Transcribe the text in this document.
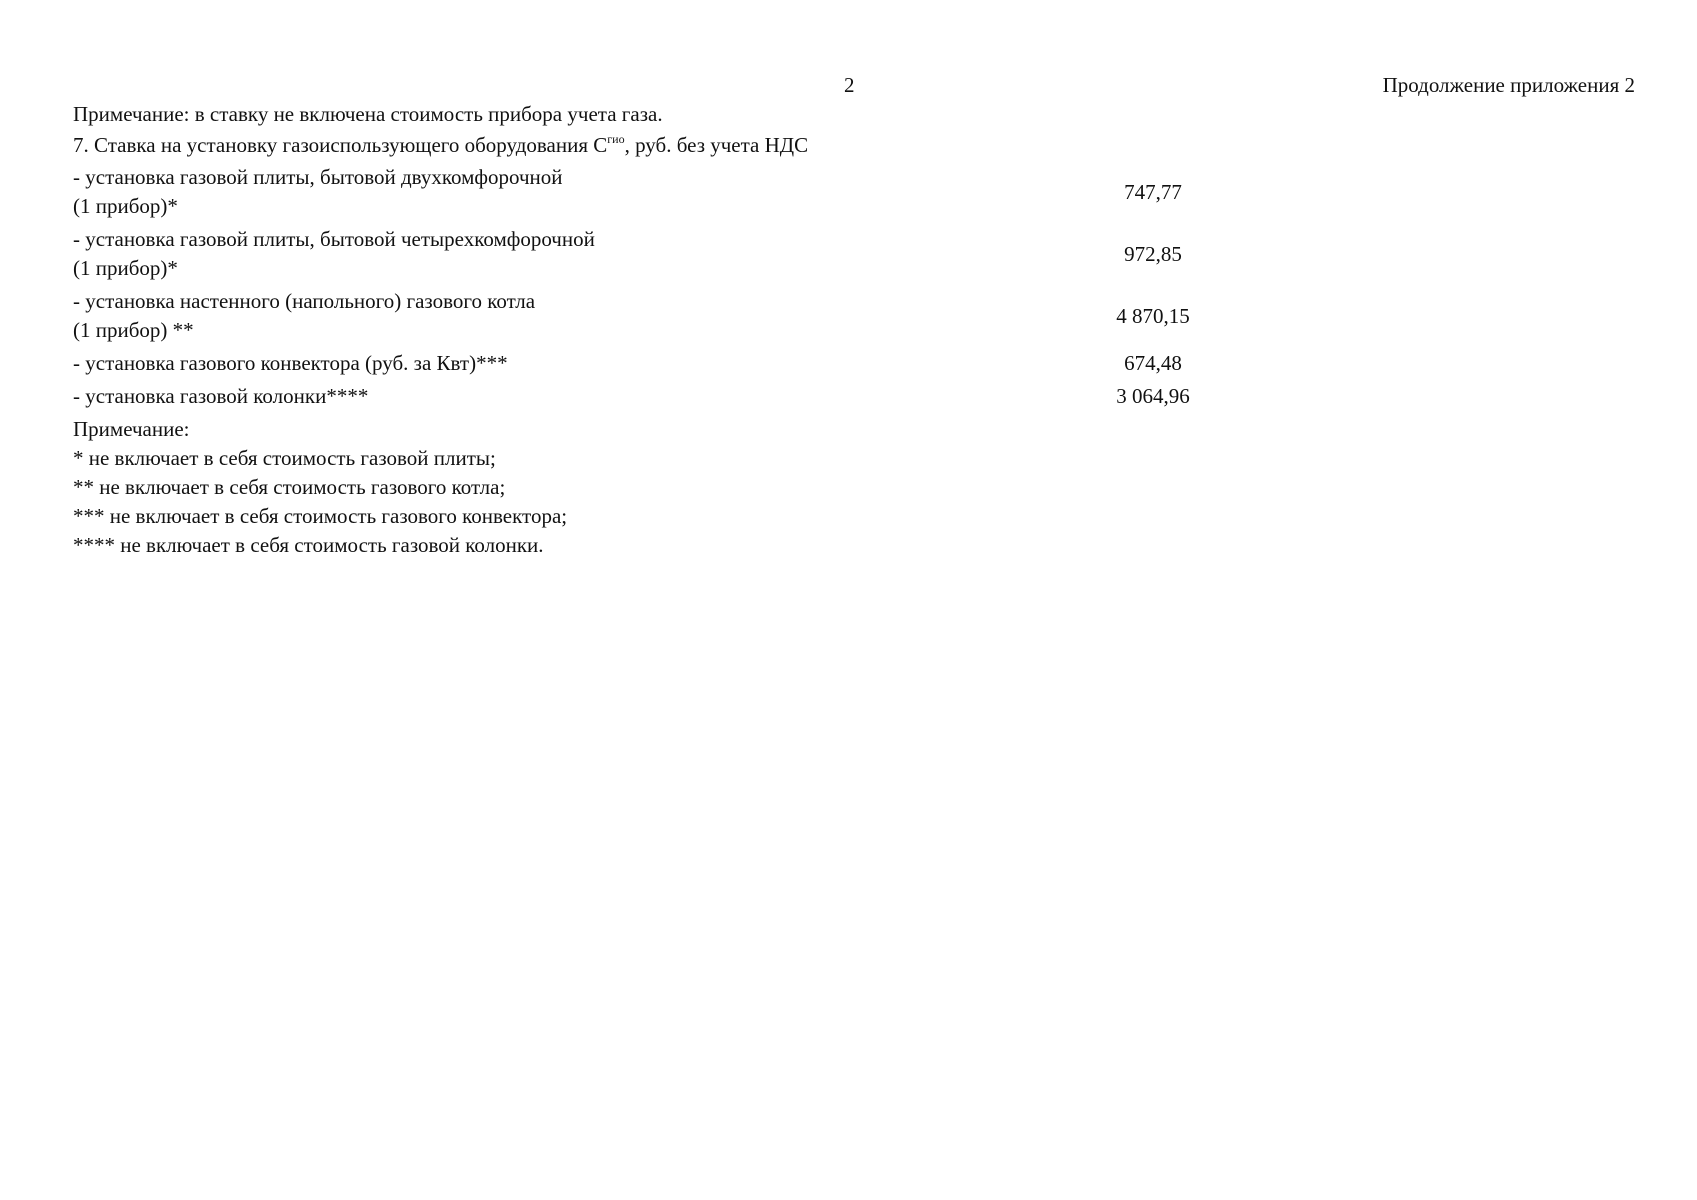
2	Продолжение приложения 2
Примечание: в ставку не включена стоимость прибора учета газа.
7. Ставка на установку газоиспользующего оборудования $С^{гио}$, руб. без учета НДС
- установка газовой плиты, бытовой двухкомфорочной
(1 прибор)*
747,77
- установка газовой плиты, бытовой четырехкомфорочной
(1 прибор)*
972,85
- установка настенного (напольного) газового котла
(1 прибор) **
4 870,15
- установка газового конвектора (руб. за Квт)***	674,48
- установка газовой колонки****	3 064,96
Примечание:
* не включает в себя стоимость газовой плиты;
** не включает в себя стоимость газового котла;
*** не включает в себя стоимость газового конвектора;
**** не включает в себя стоимость газовой колонки.
